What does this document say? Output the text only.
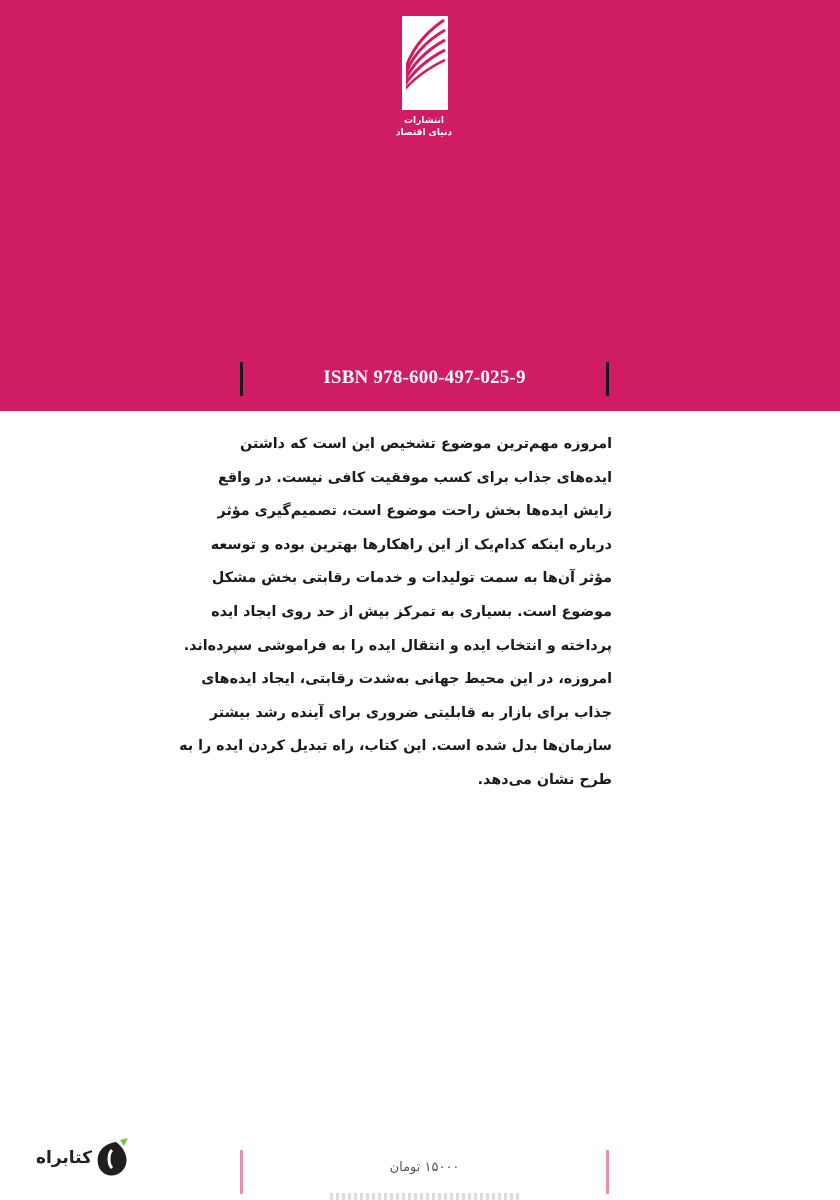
انتشارات
دنیای اقتصاد
ISBN 978-600-497-025-9
امروزه مهم‌ترین موضوع تشخیص این است که داشتن
ایده‌های جذاب برای کسب موفقیت کافی نیست. در واقع
زایش ایده‌ها بخش راحت موضوع است، تصمیم‌گیری مؤثر
درباره اینکه کدام‌یک از این راهکارها بهترین بوده و توسعه
مؤثر آن‌ها به سمت تولیدات و خدمات رقابتی بخش مشکل
موضوع است. بسیاری به تمرکز بیش از حد روی ایجاد ایده
پرداخته و انتخاب ایده و انتقال ایده را به فراموشی سپرده‌اند.
امروزه، در این محیط جهانی به‌شدت رقابتی، ایجاد ایده‌های
جذاب برای بازار به قابلیتی ضروری برای آینده رشد بیشتر
سازمان‌ها بدل شده است. این کتاب، راه تبدیل کردن ایده را به
طرح نشان می‌دهد.
کتابراه	۱۵۰۰۰ تومان
